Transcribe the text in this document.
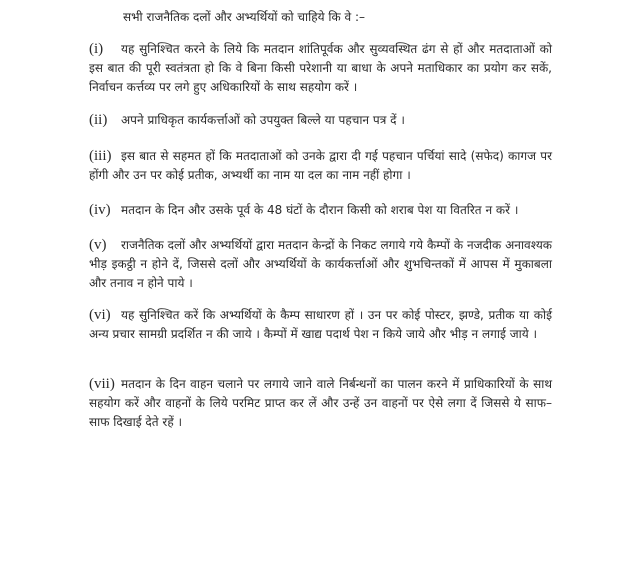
सभी राजनैतिक दलों और अभ्यर्थियों को चाहिये कि वे :–
(i) यह सुनिश्चित करने के लिये कि मतदान शांतिपूर्वक और सुव्यवस्थित ढंग से हों और मतदाताओं को इस बात की पूरी स्वतंत्रता हो कि वे बिना किसी परेशानी या बाधा के अपने मताधिकार का प्रयोग कर सकें, निर्वाचन कर्त्तव्य पर लगे हुए अधिकारियों के साथ सहयोग करें ।
(ii) अपने प्राधिकृत कार्यकर्त्ताओं को उपयुक्त बिल्ले या पहचान पत्र दें ।
(iii) इस बात से सहमत हों कि मतदाताओं को उनके द्वारा दी गई पहचान पर्चियां सादे (सफेद) कागज पर होंगी और उन पर कोई प्रतीक, अभ्यर्थी का नाम या दल का नाम नहीं होगा ।
(iv) मतदान के दिन और उसके पूर्व के 48 घंटों के दौरान किसी को शराब पेश या वितरित न करें ।
(v) राजनैतिक दलों और अभ्यर्थियों द्वारा मतदान केन्द्रों के निकट लगाये गये कैम्पों के नजदीक अनावश्यक भीड़ इकट्ठी न होने दें, जिससे दलों और अभ्यर्थियों के कार्यकर्त्ताओं और शुभचिन्तकों में आपस में मुकाबला और तनाव न होने पाये ।
(vi) यह सुनिश्चित करें कि अभ्यर्थियों के कैम्प साधारण हों । उन पर कोई पोस्टर, झण्डे, प्रतीक या कोई अन्य प्रचार सामग्री प्रदर्शित न की जाये । कैम्पों में खाद्य पदार्थ पेश न किये जाये और भीड़ न लगाई जाये ।
(vii) मतदान के दिन वाहन चलाने पर लगाये जाने वाले निर्बन्धनों का पालन करने में प्राधिकारियों के साथ सहयोग करें और वाहनों के लिये परमिट प्राप्त कर लें और उन्हें उन वाहनों पर ऐसे लगा दें जिससे ये साफ–साफ दिखाई देते रहें ।
